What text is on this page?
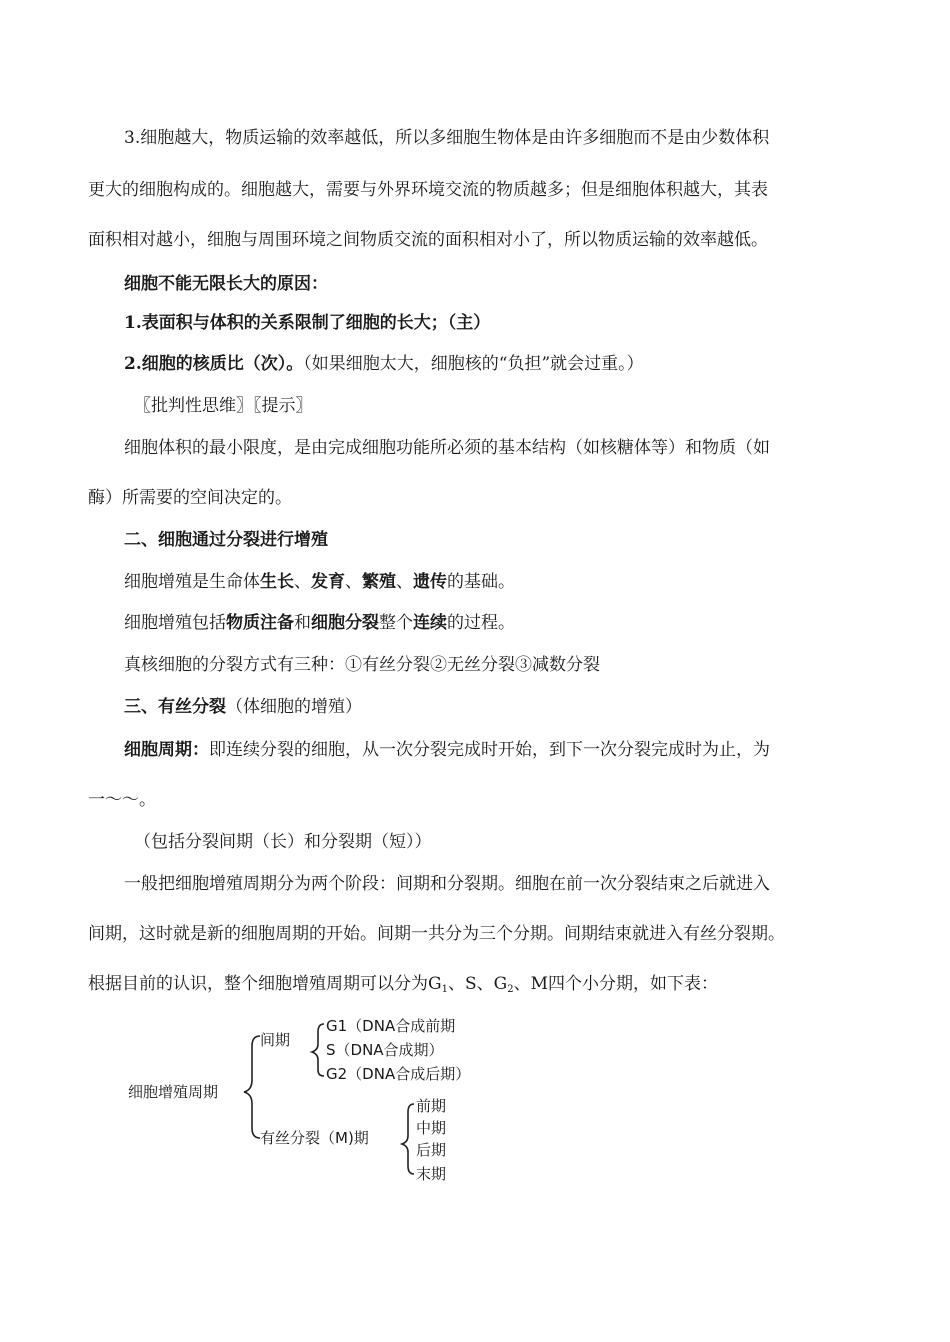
3.细胞越大，物质运输的效率越低，所以多细胞生物体是由许多细胞而不是由少数体积
更大的细胞构成的。细胞越大，需要与外界环境交流的物质越多；但是细胞体积越大，其表
面积相对越小，细胞与周围环境之间物质交流的面积相对小了，所以物质运输的效率越低。
细胞不能无限长大的原因：
1.表面积与体积的关系限制了细胞的长大；（主）
2.细胞的核质比（次）。（如果细胞太大，细胞核的“负担”就会过重。）
〖批判性思维〗〖提示〗
细胞体积的最小限度，是由完成细胞功能所必须的基本结构（如核糖体等）和物质（如
酶）所需要的空间决定的。
二、细胞通过分裂进行增殖
细胞增殖是生命体生长、发育、繁殖、遗传的基础。
细胞增殖包括物质注备和细胞分裂整个连续的过程。
真核细胞的分裂方式有三种：①有丝分裂②无丝分裂③减数分裂
三、有丝分裂（体细胞的增殖）
细胞周期：即连续分裂的细胞，从一次分裂完成时开始，到下一次分裂完成时为止，为
一～～。
（包括分裂间期（长）和分裂期（短））
一般把细胞增殖周期分为两个阶段：间期和分裂期。细胞在前一次分裂结束之后就进入
间期，这时就是新的细胞周期的开始。间期一共分为三个分期。间期结束就进入有丝分裂期。
根据目前的认识，整个细胞增殖周期可以分为$G_1$、S、$G_2$、M四个小分期，如下表：
细胞增殖周期
间期
G1（DNA合成前期
S（DNA合成期）
G2（DNA合成后期）
有丝分裂（M)期
前期
中期
后期
末期
